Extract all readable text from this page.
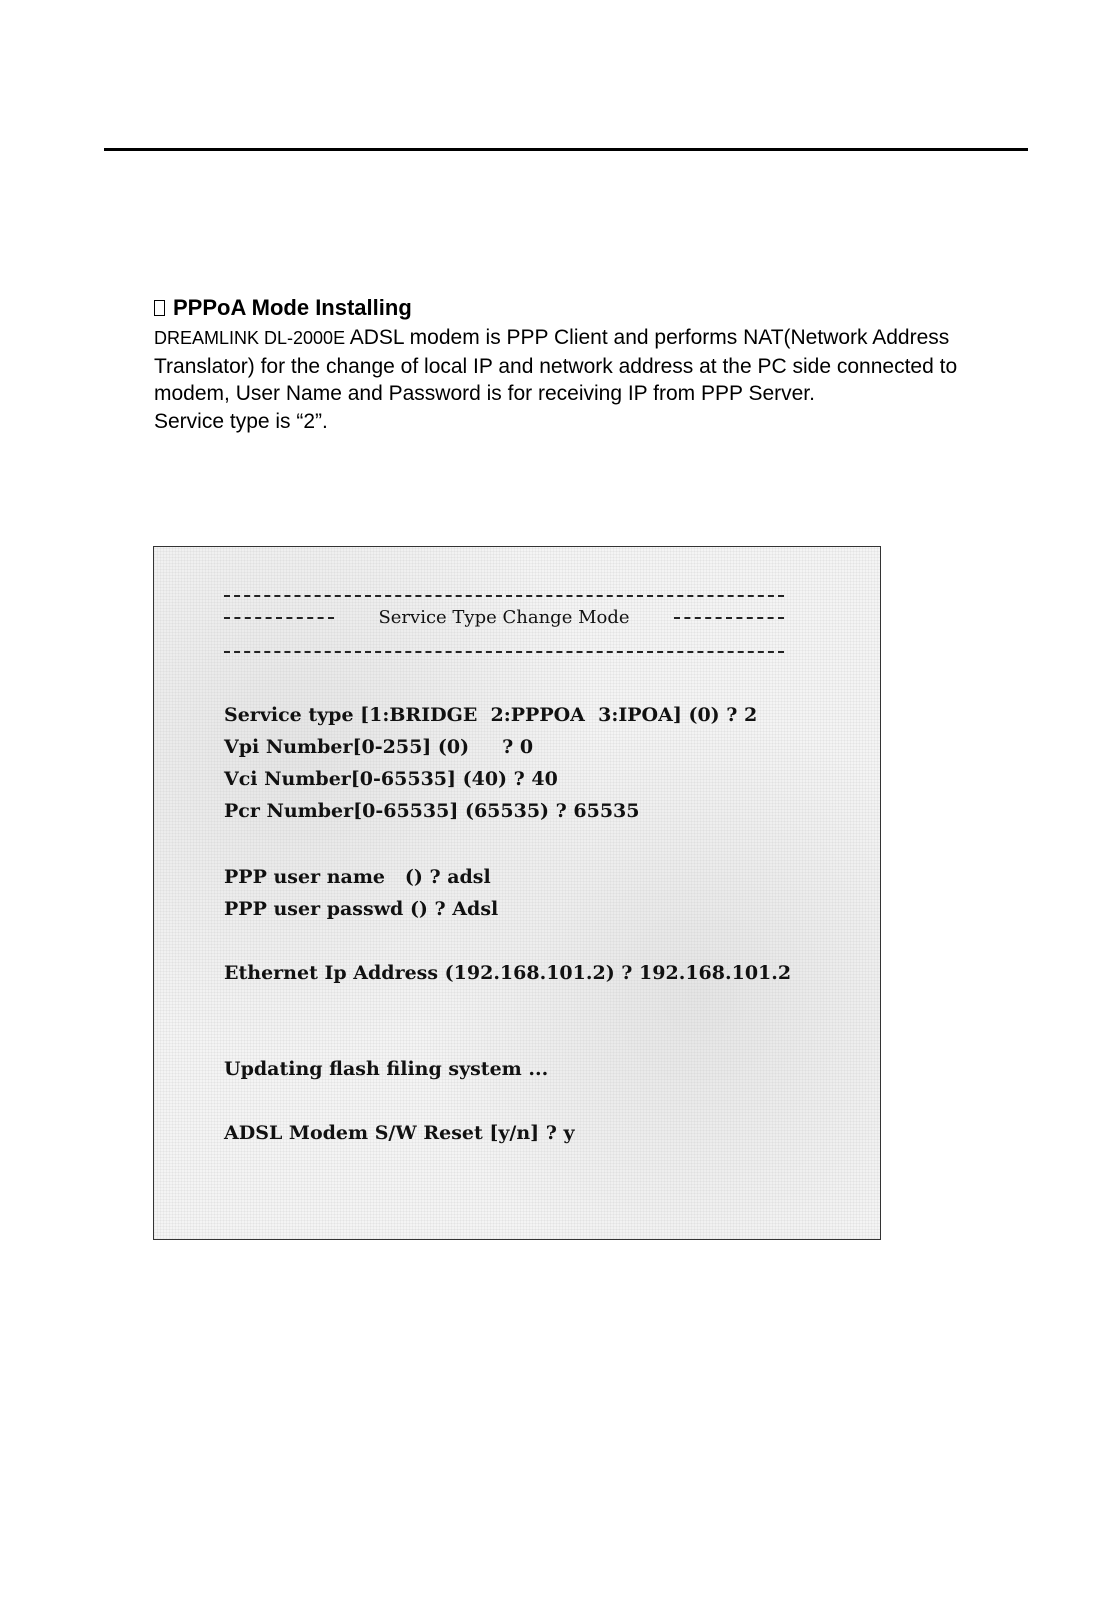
PPPoA Mode Installing

DREAMLINK DL-2000E ADSL modem is PPP Client and performs NAT(Network Address Translator) for the change of local IP and network address at the PC side connected to modem, User Name and Password is for receiving IP from PPP Server.

Service type is “2”.

Service Type Change Mode
Service type [1:BRIDGE  2:PPPOA  3:IPOA] (0) ? 2
Vpi Number[0-255] (0)     ? 0
Vci Number[0-65535] (40) ? 40
Pcr Number[0-65535] (65535) ? 65535
PPP user name   () ? adsl
PPP user passwd () ? Adsl
Ethernet Ip Address (192.168.101.2) ? 192.168.101.2
Updating flash filing system ...
ADSL Modem S/W Reset [y/n] ? y
